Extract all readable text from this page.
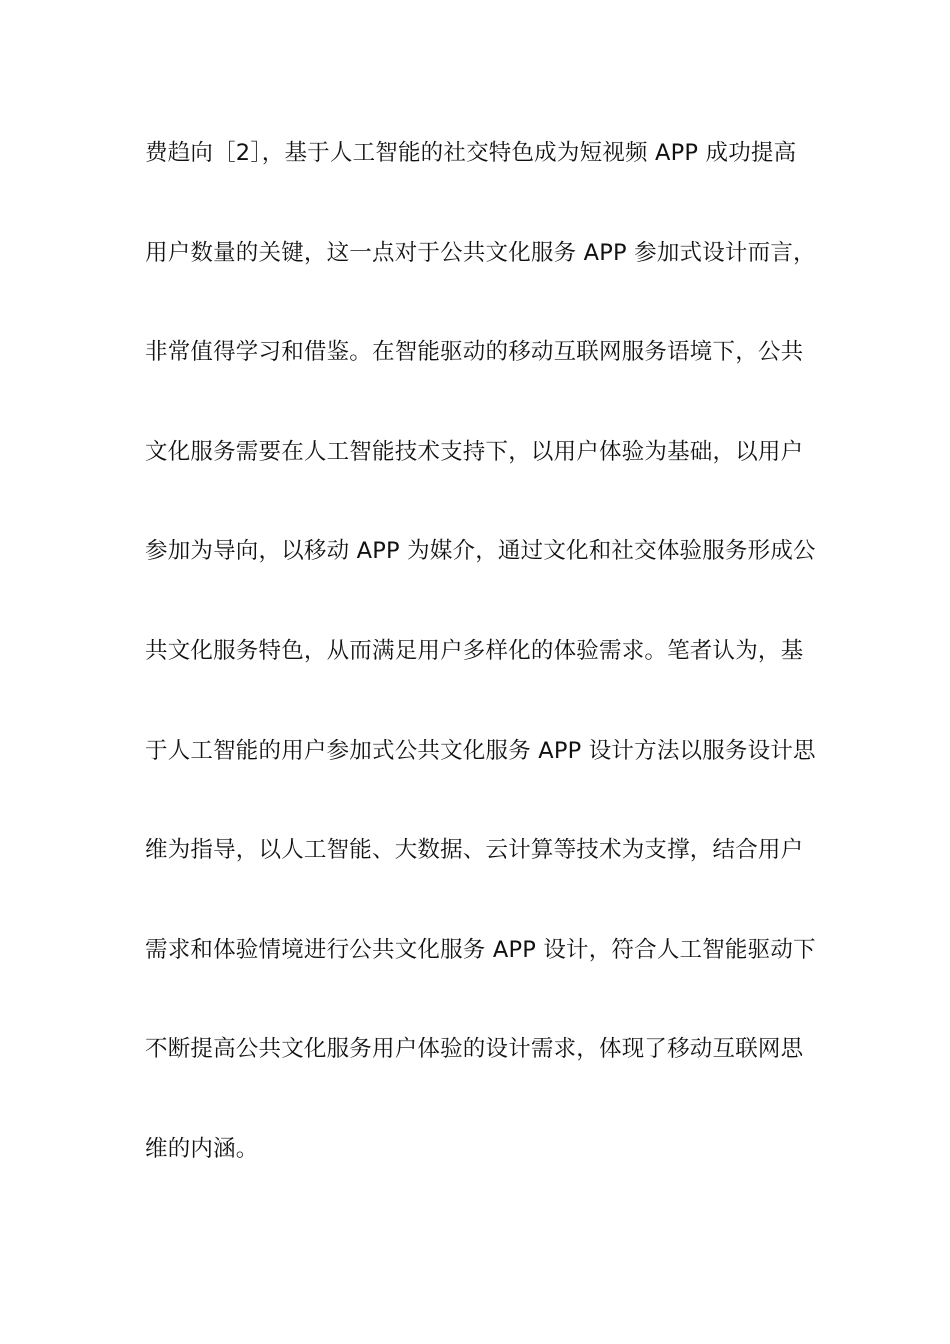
费趋向［2］，基于人工智能的社交特色成为短视频 APP 成功提高
用户数量的关键，这一点对于公共文化服务 APP 参加式设计而言，
非常值得学习和借鉴。在智能驱动的移动互联网服务语境下，公共
文化服务需要在人工智能技术支持下，以用户体验为基础，以用户
参加为导向，以移动 APP 为媒介，通过文化和社交体验服务形成公
共文化服务特色，从而满足用户多样化的体验需求。笔者认为，基
于人工智能的用户参加式公共文化服务 APP 设计方法以服务设计思
维为指导，以人工智能、大数据、云计算等技术为支撑，结合用户
需求和体验情境进行公共文化服务 APP 设计，符合人工智能驱动下
不断提高公共文化服务用户体验的设计需求，体现了移动互联网思
维的内涵。
